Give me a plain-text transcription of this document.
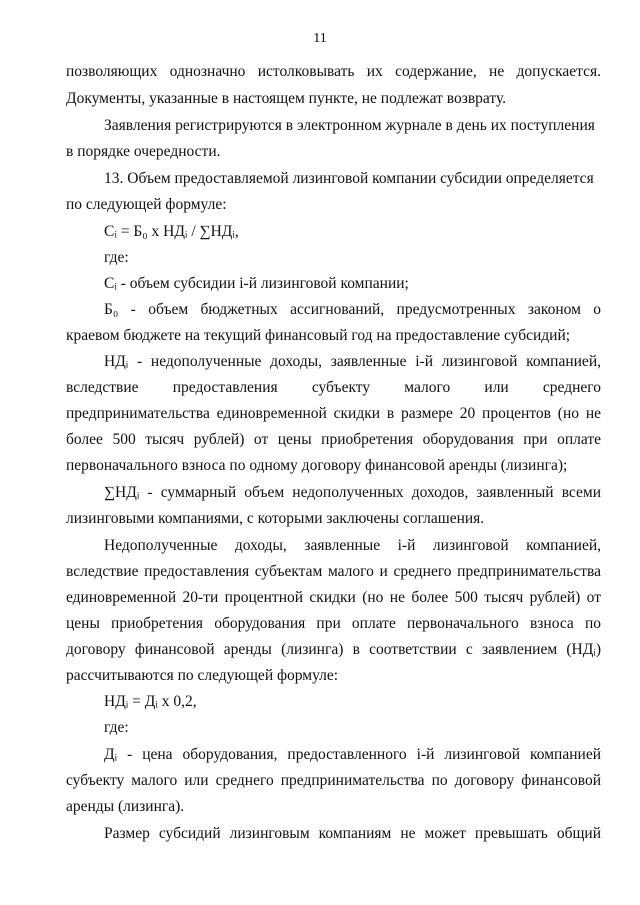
11
позволяющих однозначно истолковывать их содержание, не допускается.
Документы, указанные в настоящем пункте, не подлежат возврату.
Заявления регистрируются в электронном журнале в день их поступления
в порядке очередности.
13. Объем предоставляемой лизинговой компании субсидии определяется
по следующей формуле:
Cᵢ = Б₀ х НДᵢ / ∑НДᵢ,
где:
Cᵢ - объем субсидии i-й лизинговой компании;
Б₀ - объем бюджетных ассигнований, предусмотренных законом о
краевом бюджете на текущий финансовый год на предоставление субсидий;
НДᵢ - недополученные доходы, заявленные i-й лизинговой компанией,
вследствие предоставления субъекту малого или среднего
предпринимательства единовременной скидки в размере 20 процентов (но не
более 500 тысяч рублей) от цены приобретения оборудования при оплате
первоначального взноса по одному договору финансовой аренды (лизинга);
∑НДᵢ - суммарный объем недополученных доходов, заявленный всеми
лизинговыми компаниями, с которыми заключены соглашения.
Недополученные доходы, заявленные i-й лизинговой компанией,
вследствие предоставления субъектам малого и среднего предпринимательства
единовременной 20-ти процентной скидки (но не более 500 тысяч рублей) от
цены приобретения оборудования при оплате первоначального взноса по
договору финансовой аренды (лизинга) в соответствии с заявлением (НДᵢ)
рассчитываются по следующей формуле:
НДᵢ = Дᵢ х 0,2,
где:
Дᵢ - цена оборудования, предоставленного i-й лизинговой компанией
субъекту малого или среднего предпринимательства по договору финансовой
аренды (лизинга).
Размер субсидий лизинговым компаниям не может превышать общий
